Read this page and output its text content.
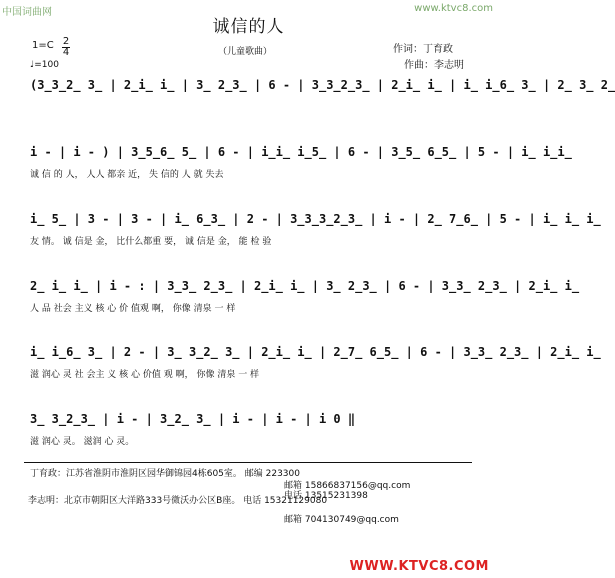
中国词曲网	www.ktvc8.com
诚信的人
（儿童歌曲）
1=C 2
4
♩=100
作词：丁育政
作曲：李志明
(3̲3̲2̲ 3̲ | 2̲i̲ i̲ | 3̲ 2̲3̲ | 6 - | 3̲3̲2̲3̲ | 2̲i̲ i̲ | i̲ i̲6̲ 3̲ | 2̲ 3̲ 2̲
i - | i - ) | 3̲5̲6̲ 5̲ | 6 - | i̲i̲ i̲5̲ | 6 - | 3̲5̲ 6̲5̲ | 5 - | i̲ i̲i̲
诚 信 的 人， 人人 都亲 近， 失 信的 人 就 失去
i̲ 5̲ | 3 - | 3 - | i̲ 6̲3̲ | 2 - | 3̲3̲3̲2̲3̲ | i - | 2̲ 7̲6̲ | 5 - | i̲ i̲ i̲
友 情。 诚 信是 金， 比什么都重 要， 诚 信是 金， 能 检 验
2̲ i̲ i̲ | i - : | 3̲3̲ 2̲3̲ | 2̲i̲ i̲ | 3̲ 2̲3̲ | 6 - | 3̲3̲ 2̲3̲ | 2̲i̲ i̲
人 品 社会 主义 核 心 价 值观 啊， 你像 清泉 一 样
i̲ i̲6̲ 3̲ | 2 - | 3̲ 3̲2̲ 3̲ | 2̲i̲ i̲ | 2̲7̲ 6̲5̲ | 6 - | 3̲3̲ 2̲3̲ | 2̲i̲ i̲
滋 润心 灵 社 会主 义 核 心 价值 观 啊， 你像 清泉 一 样
3̲ 3̲2̲3̲ | i - | 3̲2̲ 3̲ | i - | i - | i 0 ‖
滋 润心 灵。 滋润 心 灵。
丁育政：江苏省淮阴市淮阴区园华御锦园4栋605室。 邮编 223300
邮箱 15866837156@qq.com
电话 13515231398
李志明：北京市朝阳区大洋路333号微沃办公区B座。 电话 15321129080
邮箱 704130749@qq.com
WWW.KTVC8.COM
